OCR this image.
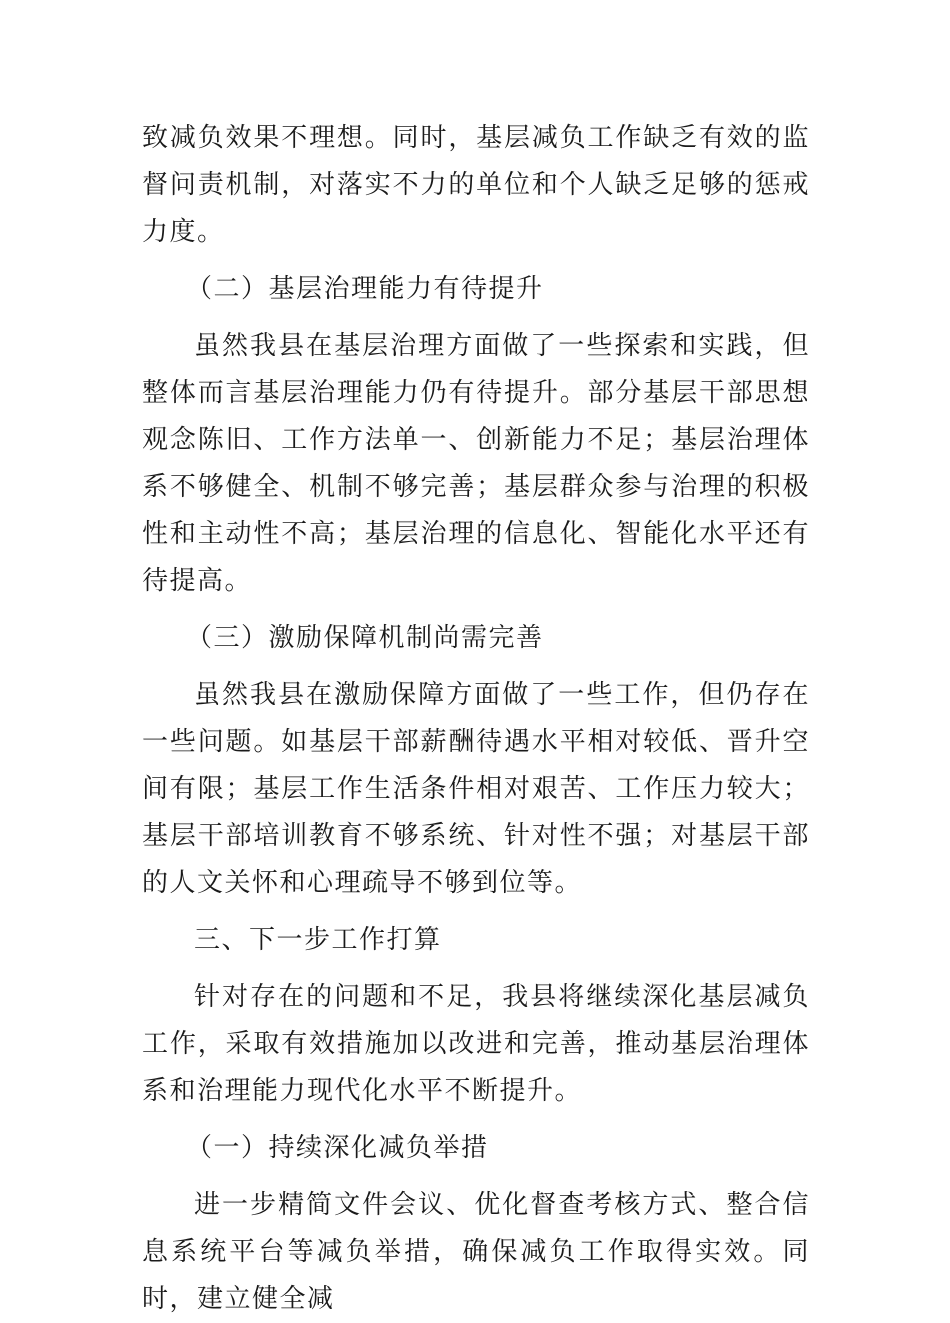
致减负效果不理想。同时，基层减负工作缺乏有效的监督问责机制，对落实不力的单位和个人缺乏足够的惩戒力度。

（二）基层治理能力有待提升

虽然我县在基层治理方面做了一些探索和实践，但整体而言基层治理能力仍有待提升。部分基层干部思想观念陈旧、工作方法单一、创新能力不足；基层治理体系不够健全、机制不够完善；基层群众参与治理的积极性和主动性不高；基层治理的信息化、智能化水平还有待提高。

（三）激励保障机制尚需完善

虽然我县在激励保障方面做了一些工作，但仍存在一些问题。如基层干部薪酬待遇水平相对较低、晋升空间有限；基层工作生活条件相对艰苦、工作压力较大；基层干部培训教育不够系统、针对性不强；对基层干部的人文关怀和心理疏导不够到位等。

三、下一步工作打算

针对存在的问题和不足，我县将继续深化基层减负工作，采取有效措施加以改进和完善，推动基层治理体系和治理能力现代化水平不断提升。

（一）持续深化减负举措

进一步精简文件会议、优化督查考核方式、整合信息系统平台等减负举措，确保减负工作取得实效。同时，建立健全减
